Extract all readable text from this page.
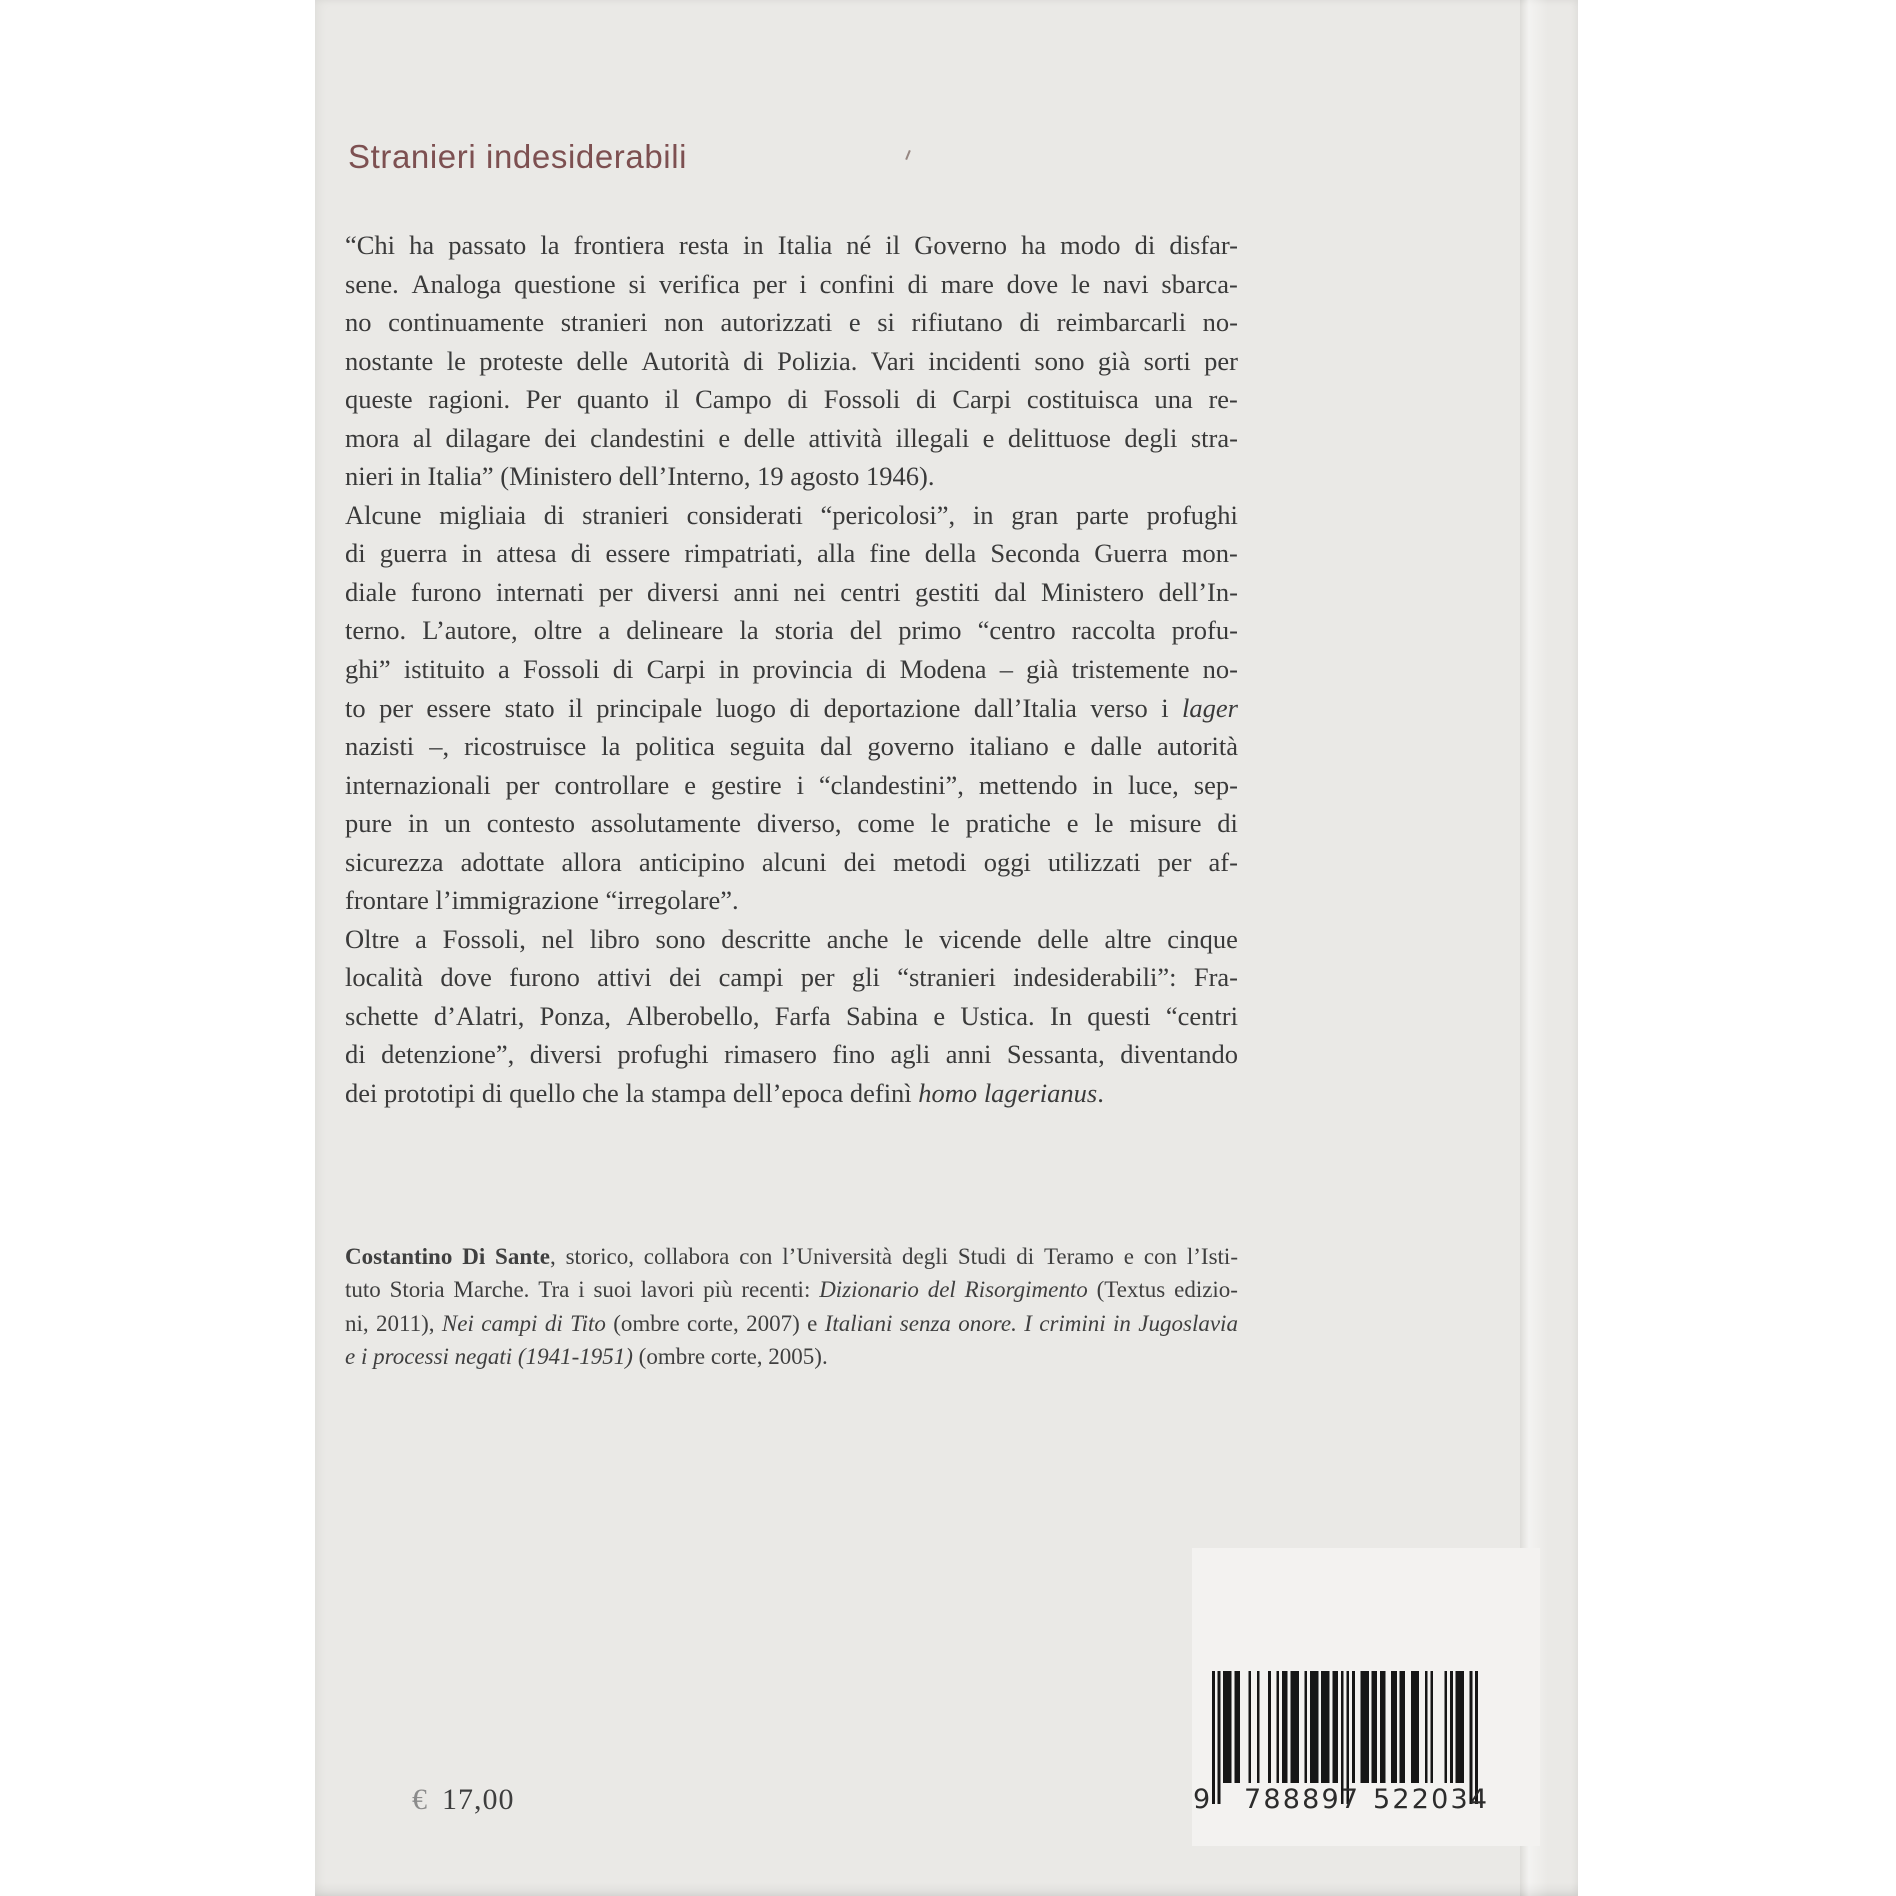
Stranieri indesiderabili
“Chi ha passato la frontiera resta in Italia né il Governo ha modo di disfar-
sene. Analoga questione si verifica per i confini di mare dove le navi sbarca-
no continuamente stranieri non autorizzati e si rifiutano di reimbarcarli no-
nostante le proteste delle Autorità di Polizia. Vari incidenti sono già sorti per
queste ragioni. Per quanto il Campo di Fossoli di Carpi costituisca una re-
mora al dilagare dei clandestini e delle attività illegali e delittuose degli stra-
nieri in Italia” (Ministero dell’Interno, 19 agosto 1946).
Alcune migliaia di stranieri considerati “pericolosi”, in gran parte profughi
di guerra in attesa di essere rimpatriati, alla fine della Seconda Guerra mon-
diale furono internati per diversi anni nei centri gestiti dal Ministero dell’In-
terno. L’autore, oltre a delineare la storia del primo “centro raccolta profu-
ghi” istituito a Fossoli di Carpi in provincia di Modena – già tristemente no-
to per essere stato il principale luogo di deportazione dall’Italia verso i lager
nazisti –, ricostruisce la politica seguita dal governo italiano e dalle autorità
internazionali per controllare e gestire i “clandestini”, mettendo in luce, sep-
pure in un contesto assolutamente diverso, come le pratiche e le misure di
sicurezza adottate allora anticipino alcuni dei metodi oggi utilizzati per af-
frontare l’immigrazione “irregolare”.
Oltre a Fossoli, nel libro sono descritte anche le vicende delle altre cinque
località dove furono attivi dei campi per gli “stranieri indesiderabili”: Fra-
schette d’Alatri, Ponza, Alberobello, Farfa Sabina e Ustica. In questi “centri
di detenzione”, diversi profughi rimasero fino agli anni Sessanta, diventando
dei prototipi di quello che la stampa dell’epoca definì homo lagerianus.
Costantino Di Sante, storico, collabora con l’Università degli Studi di Teramo e con l’Isti-
tuto Storia Marche. Tra i suoi lavori più recenti: Dizionario del Risorgimento (Textus edizio-
ni, 2011), Nei campi di Tito (ombre corte, 2007) e Italiani senza onore. I crimini in Jugoslavia
e i processi negati (1941-1951) (ombre corte, 2005).
€ 17,00	9 788897 522034
